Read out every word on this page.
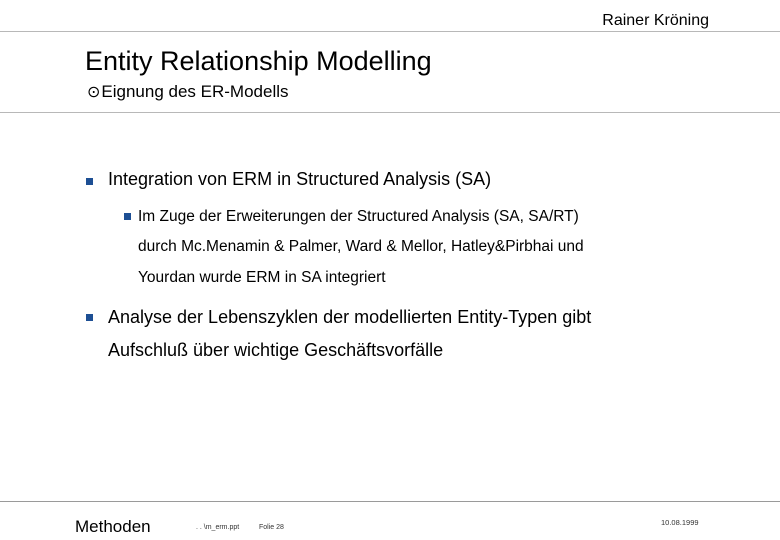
Rainer Kröning
Entity Relationship Modelling
⊙Eignung des ER-Modells
Integration von ERM in Structured Analysis (SA)
Im Zuge der Erweiterungen der Structured Analysis (SA, SA/RT)
durch Mc.Menamin & Palmer, Ward & Mellor, Hatley&Pirbhai und
Yourdan wurde ERM in SA integriert
Analyse der Lebenszyklen der modellierten Entity-Typen gibt
Aufschluß über wichtige Geschäftsvorfälle
Methoden	. . \m_erm.ppt	Folie 28
10.08.1999
